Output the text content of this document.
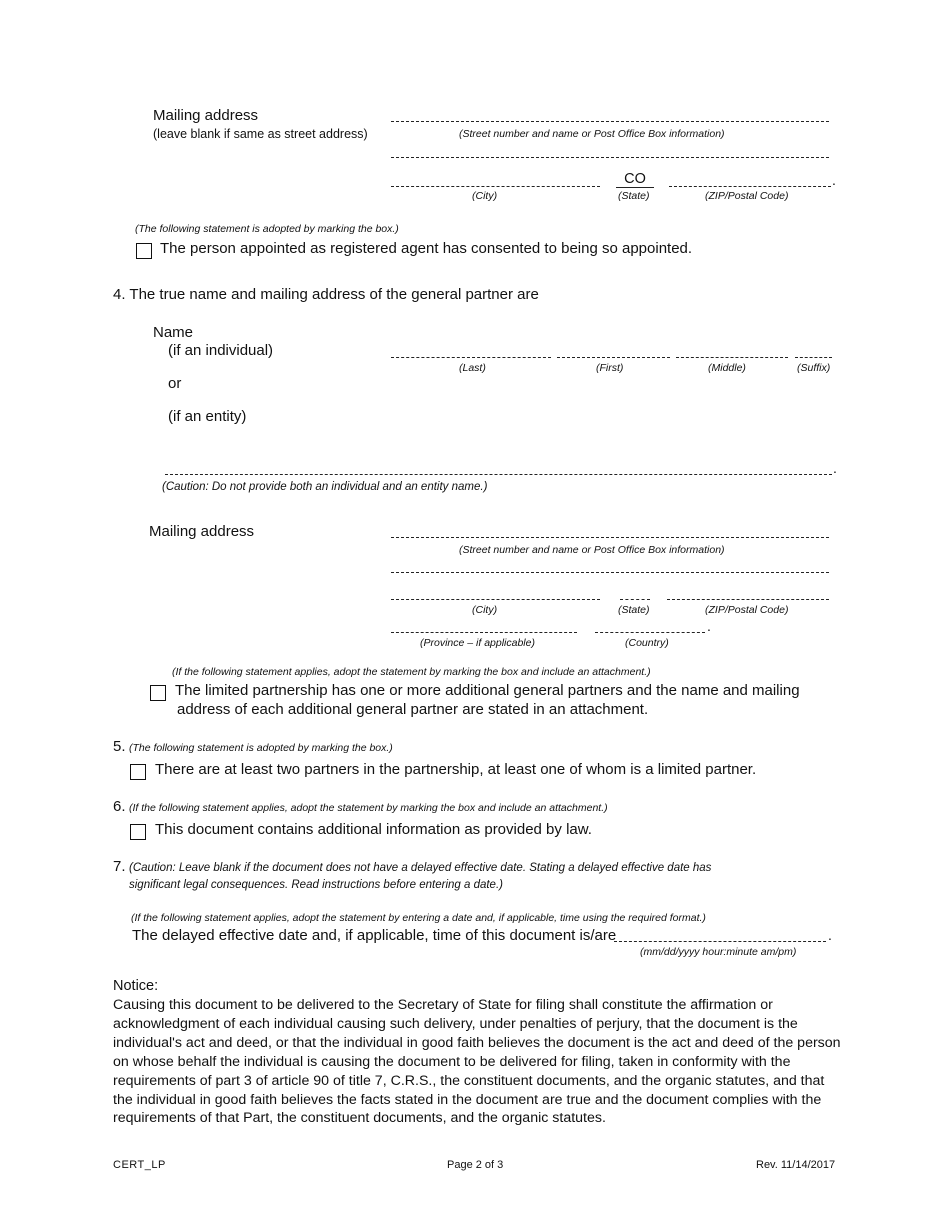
Mailing address
(leave blank if same as street address)	(Street number and name or Post Office Box information)
CO	.
(City)	(State)	(ZIP/Postal Code)
(The following statement is adopted by marking the box.)
The person appointed as registered agent has consented to being so appointed.
4. The true name and mailing address of the general partner are
Name
(if an individual)
or
(if an entity)
(Last)	(First)	(Middle)	(Suffix)
.
(Caution: Do not provide both an individual and an entity name.)
Mailing address
(Street number and name or Post Office Box information)
(City)	(State)	(ZIP/Postal Code)
.
(Province – if applicable)	(Country)
(If the following statement applies, adopt the statement by marking the box and include an attachment.)
The limited partnership has one or more additional general partners and the name and mailing
address of each additional general partner are stated in an attachment.
5. (The following statement is adopted by marking the box.)
There are at least two partners in the partnership, at least one of whom is a limited partner.
6. (If the following statement applies, adopt the statement by marking the box and include an attachment.)
This document contains additional information as provided by law.
7. (Caution: Leave blank if the document does not have a delayed effective date. Stating a delayed effective date has
significant legal consequences. Read instructions before entering a date.)
(If the following statement applies, adopt the statement by entering a date and, if applicable, time using the required format.)
The delayed effective date and, if applicable, time of this document is/are	.
(mm/dd/yyyy hour:minute am/pm)
Notice:
Causing this document to be delivered to the Secretary of State for filing shall constitute the affirmation or acknowledgment of each individual causing such delivery, under penalties of perjury, that the document is the individual's act and deed, or that the individual in good faith believes the document is the act and deed of the person on whose behalf the individual is causing the document to be delivered for filing, taken in conformity with the requirements of part 3 of article 90 of title 7, C.R.S., the constituent documents, and the organic statutes, and that the individual in good faith believes the facts stated in the document are true and the document complies with the requirements of that Part, the constituent documents, and the organic statutes.
CERT_LP	Page 2 of 3	Rev. 11/14/2017
